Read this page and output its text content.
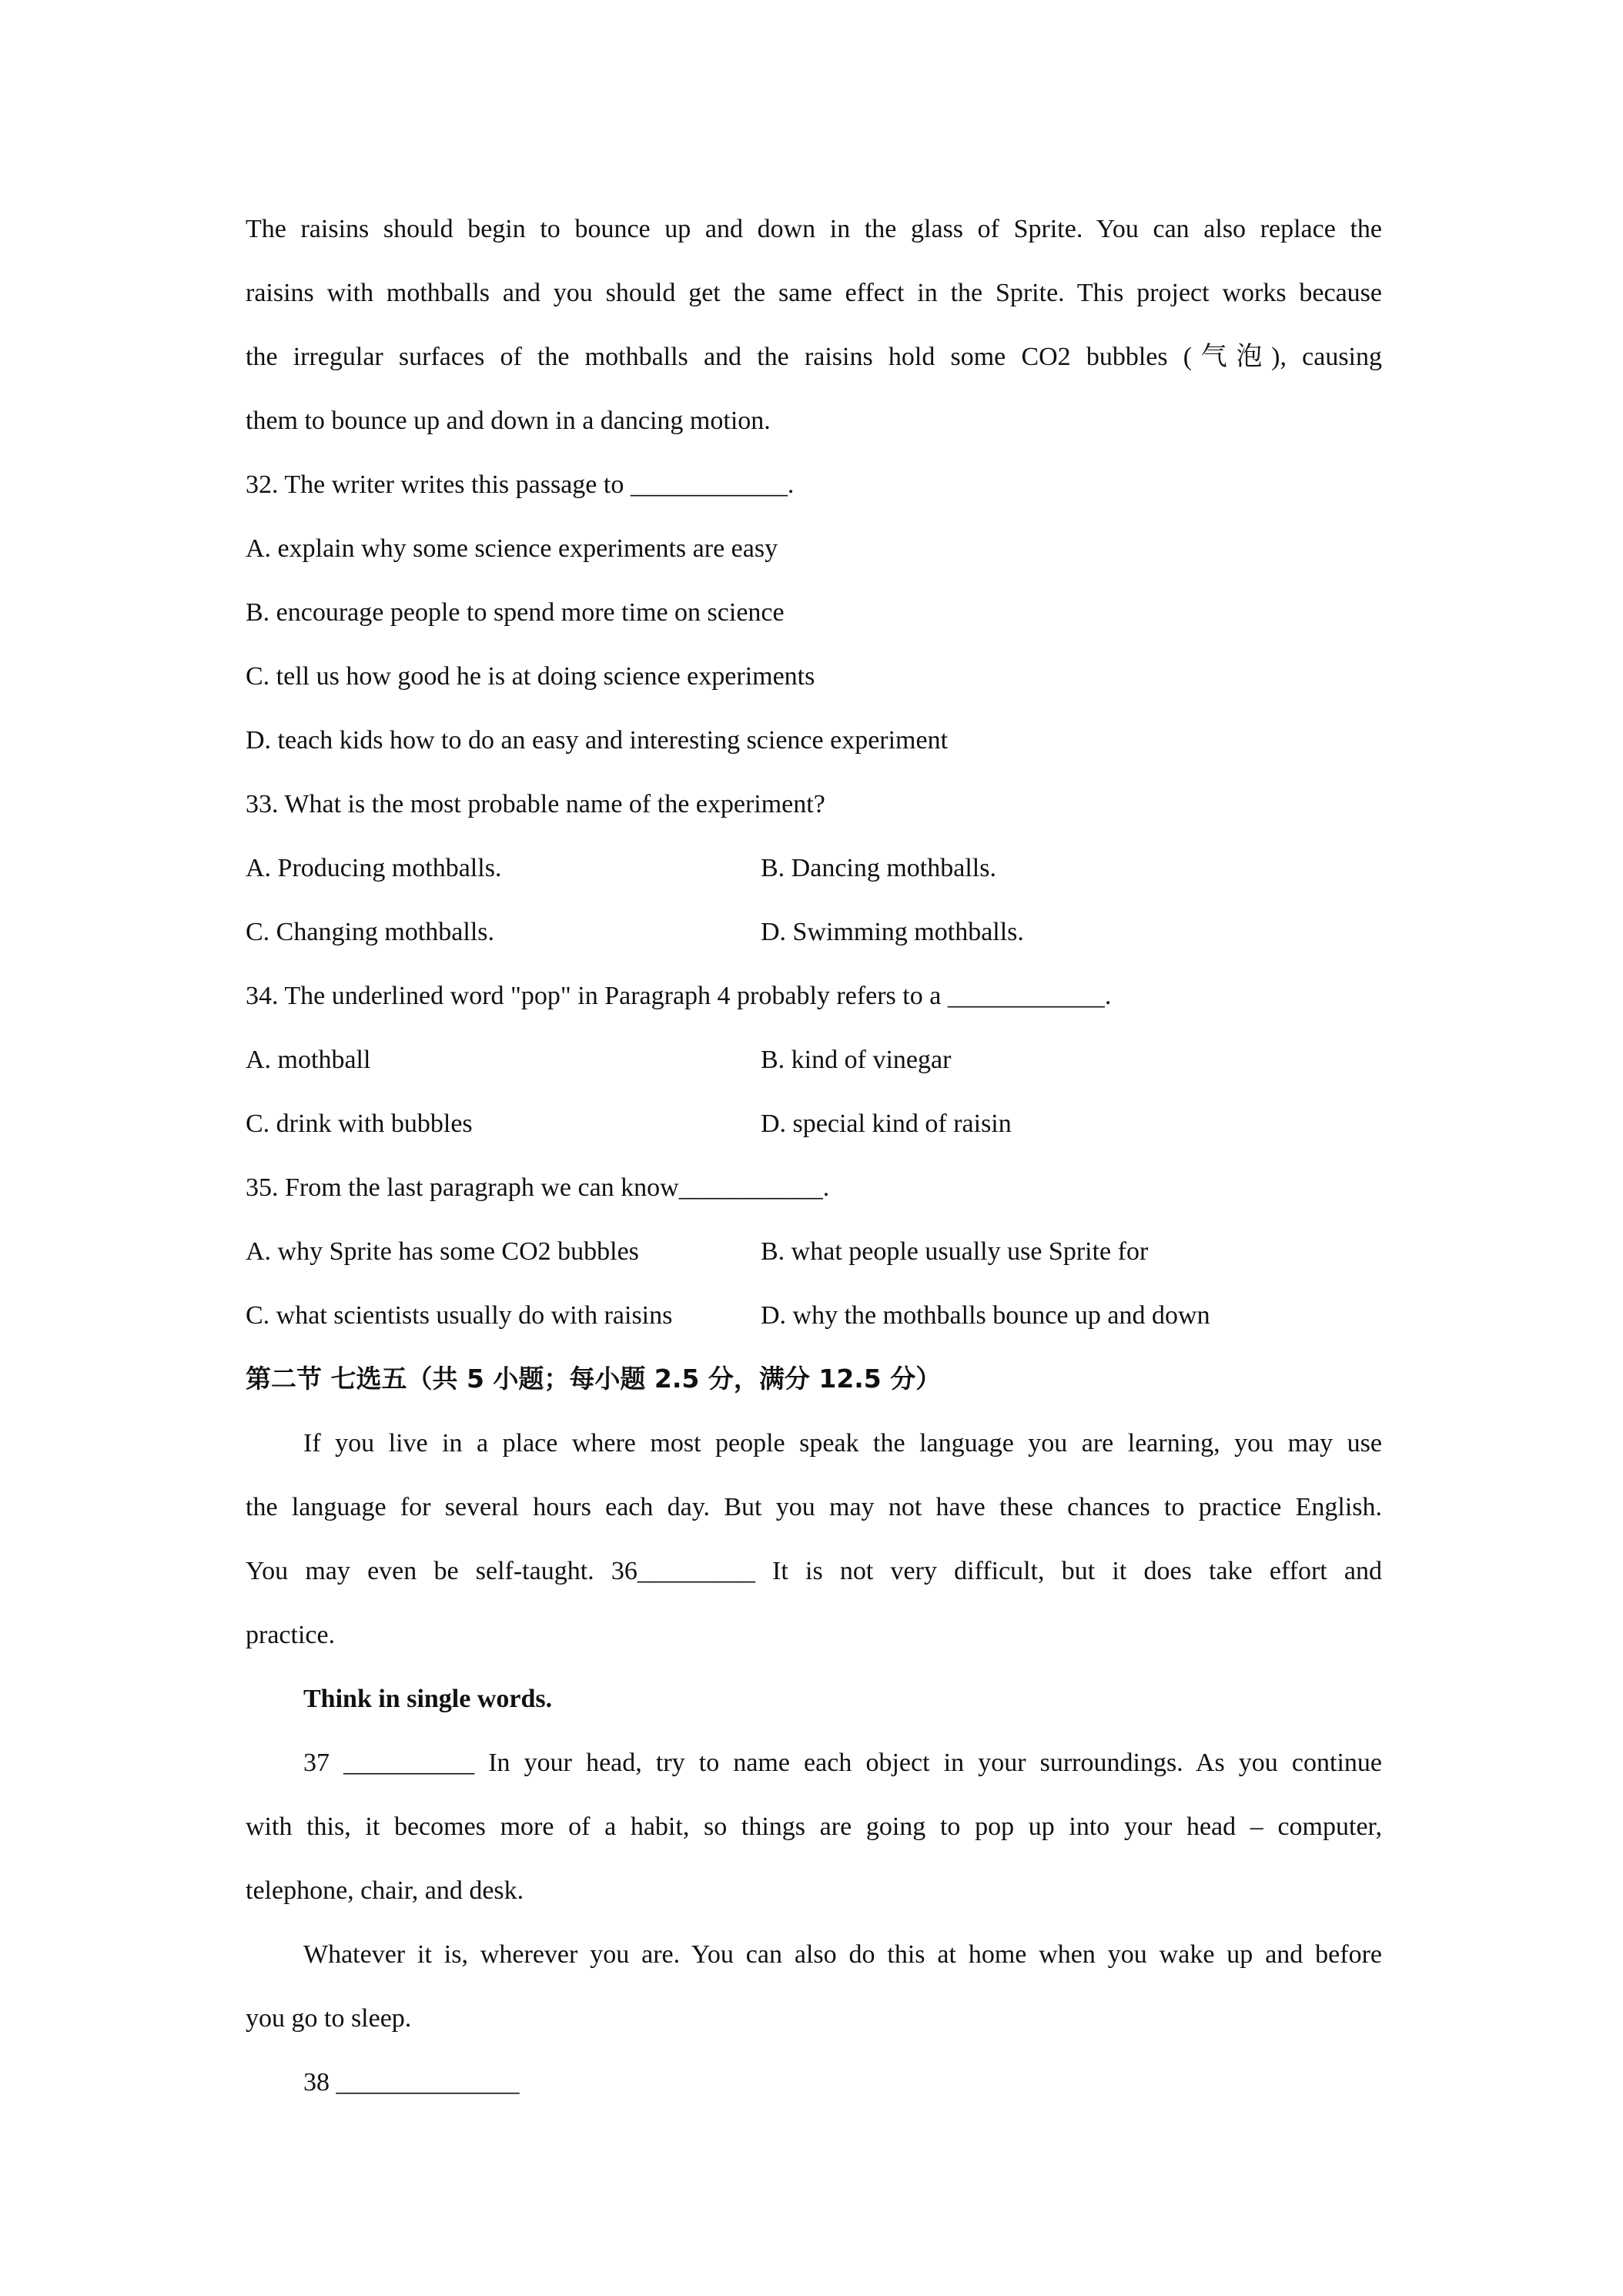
The raisins should begin to bounce up and down in the glass of Sprite. You can also replace the
raisins with mothballs and you should get the same effect in the Sprite. This project works because
the irregular surfaces of the mothballs and the raisins hold some CO2 bubbles (气泡), causing
them to bounce up and down in a dancing motion.
32. The writer writes this passage to ____________.
A. explain why some science experiments are easy
B. encourage people to spend more time on science
C. tell us how good he is at doing science experiments
D. teach kids how to do an easy and interesting science experiment
33. What is the most probable name of the experiment?
A. Producing mothballs.	B. Dancing mothballs.
C. Changing mothballs.	D. Swimming mothballs.
34. The underlined word "pop" in Paragraph 4 probably refers to a ____________.
A. mothball	B. kind of vinegar
C. drink with bubbles	D. special kind of raisin
35. From the last paragraph we can know___________.
A. why Sprite has some CO2 bubbles	B. what people usually use Sprite for
C. what scientists usually do with raisins	D. why the mothballs bounce up and down
第二节 七选五（共 5 小题；每小题 2.5 分，满分 12.5 分）
If you live in a place where most people speak the language you are learning, you may use
the language for several hours each day. But you may not have these chances to practice English.
You may even be self-taught. 36_________ It is not very difficult, but it does take effort and
practice.
Think in single words.
37 __________ In your head, try to name each object in your surroundings. As you continue
with this, it becomes more of a habit, so things are going to pop up into your head – computer,
telephone, chair, and desk.
Whatever it is, wherever you are. You can also do this at home when you wake up and before
you go to sleep.
38 ______________
